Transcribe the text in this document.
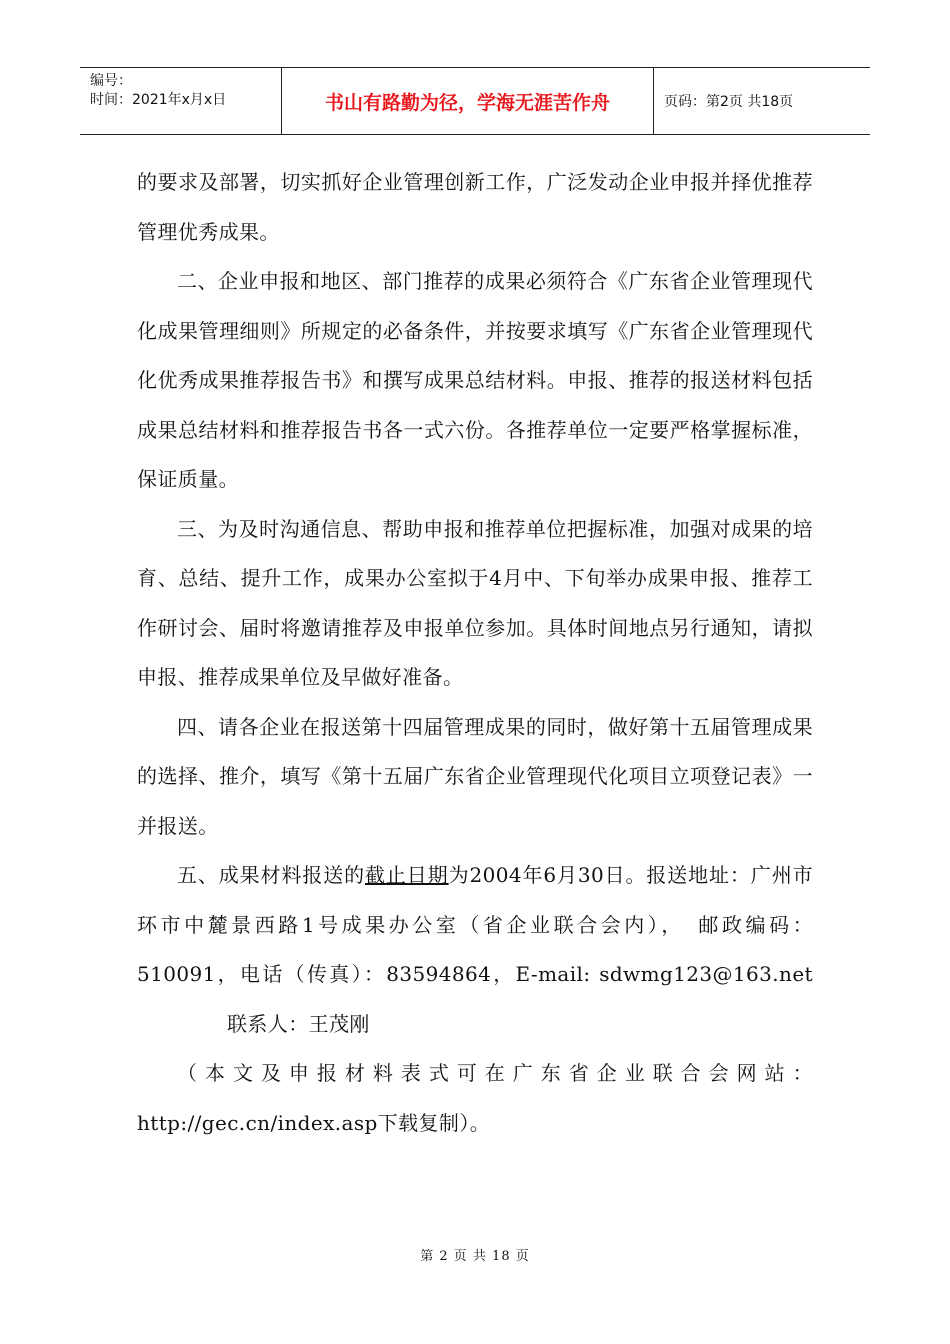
编号：
时间：2021年x月x日	书山有路勤为径，学海无涯苦作舟	页码：第2页 共18页

的要求及部署，切实抓好企业管理创新工作，广泛发动企业申报并择优推荐管理优秀成果。

二、企业申报和地区、部门推荐的成果必须符合《广东省企业管理现代化成果管理细则》所规定的必备条件，并按要求填写《广东省企业管理现代化优秀成果推荐报告书》和撰写成果总结材料。申报、推荐的报送材料包括成果总结材料和推荐报告书各一式六份。各推荐单位一定要严格掌握标准，保证质量。

三、为及时沟通信息、帮助申报和推荐单位把握标准，加强对成果的培育、总结、提升工作，成果办公室拟于4月中、下旬举办成果申报、推荐工作研讨会、届时将邀请推荐及申报单位参加。具体时间地点另行通知，请拟申报、推荐成果单位及早做好准备。

四、请各企业在报送第十四届管理成果的同时，做好第十五届管理成果的选择、推介，填写《第十五届广东省企业管理现代化项目立项登记表》一并报送。

五、成果材料报送的截止日期为2004年6月30日。报送地址：广州市环市中麓景西路1号成果办公室（省企业联合会内），　 邮政编码：510091，电话（传真）：83594864，E-mail: sdwmg123@163.net联系人：王茂刚

（本文及申报材料表式可在广东省企业联合会网站：http://gec.cn/index.asp下载复制）。

第 2 页 共 18 页
